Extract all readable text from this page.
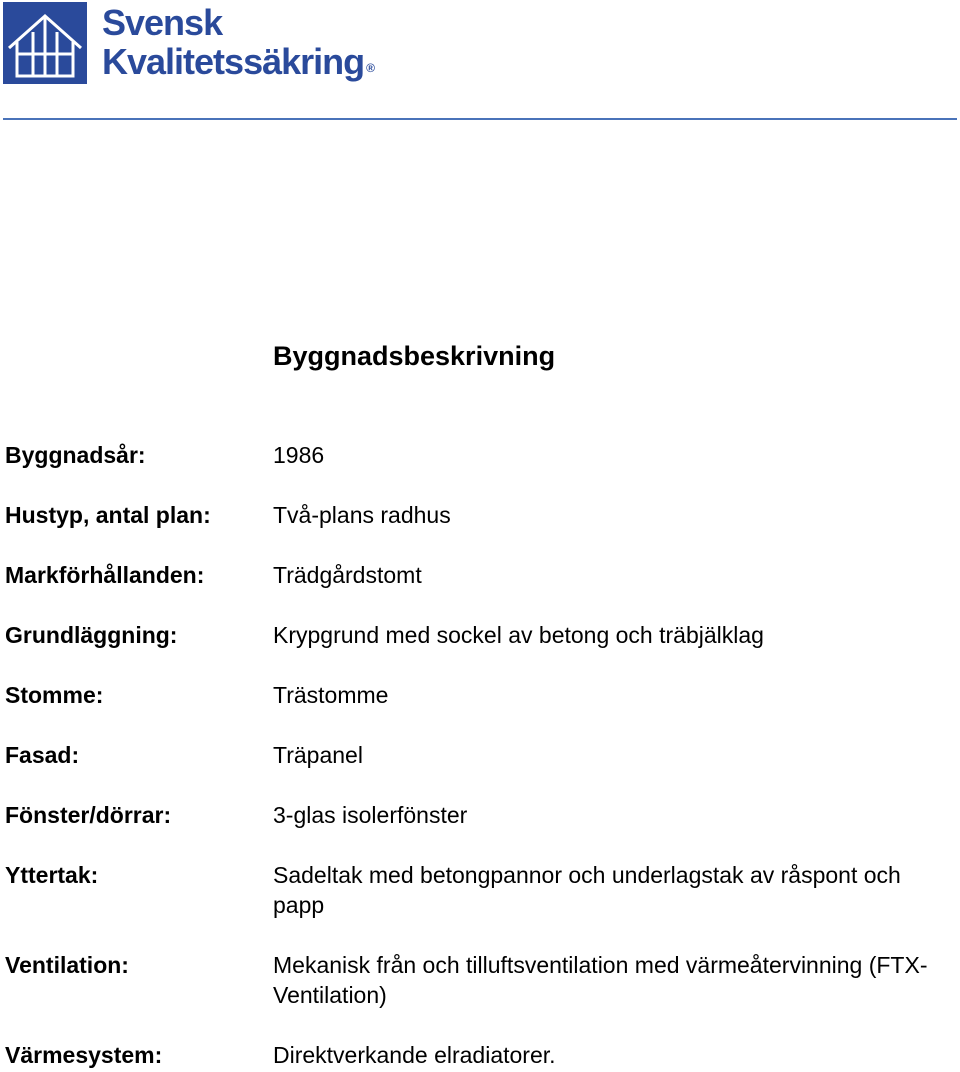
Svensk
Kvalitetssäkring ®
Byggnadsbeskrivning
Byggnadsår:	1986
Hustyp, antal plan:	Två-plans radhus
Markförhållanden:	Trädgårdstomt
Grundläggning:	Krypgrund med sockel av betong och träbjälklag
Stomme:	Trästomme
Fasad:	Träpanel
Fönster/dörrar:	3-glas isolerfönster
Yttertak:	Sadeltak med betongpannor och underlagstak av råspont och papp
Ventilation:	Mekanisk från och tilluftsventilation med värmeåtervinning (FTX-Ventilation)
Värmesystem:	Direktverkande elradiatorer.
